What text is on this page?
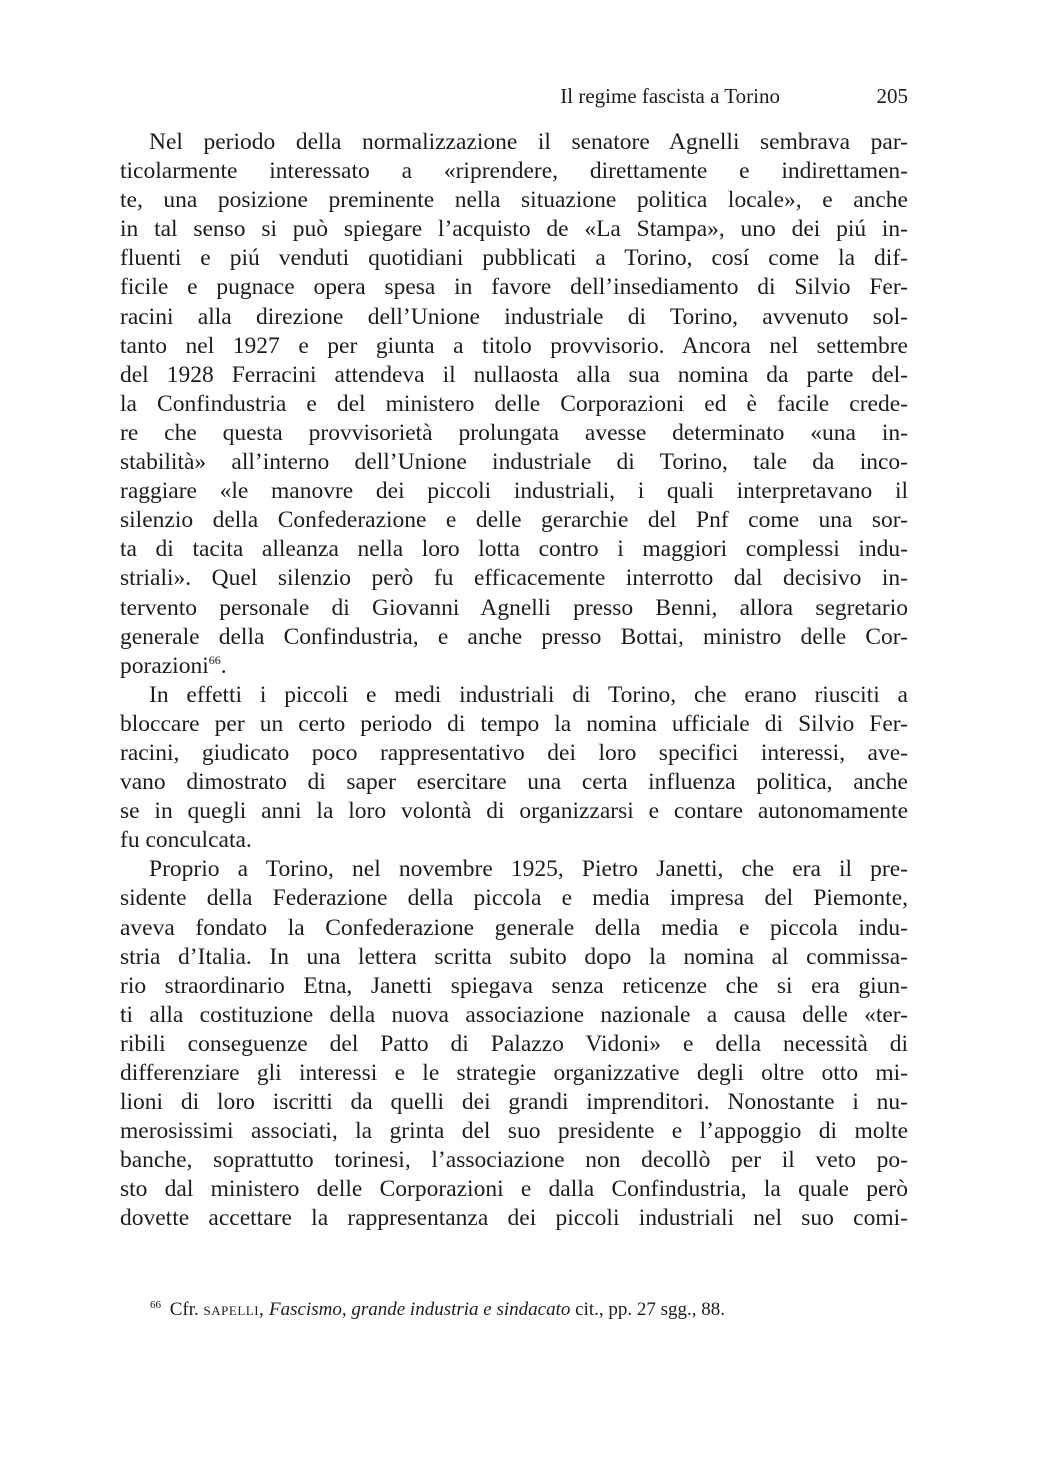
Il regime fascista a Torino	205
Nel periodo della normalizzazione il senatore Agnelli sembrava par-
ticolarmente interessato a «riprendere, direttamente e indirettamen-
te, una posizione preminente nella situazione politica locale», e anche
in tal senso si può spiegare l’acquisto de «La Stampa», uno dei piú in-
fluenti e piú venduti quotidiani pubblicati a Torino, cosí come la dif-
ficile e pugnace opera spesa in favore dell’insediamento di Silvio Fer-
racini alla direzione dell’Unione industriale di Torino, avvenuto sol-
tanto nel 1927 e per giunta a titolo provvisorio. Ancora nel settembre
del 1928 Ferracini attendeva il nullaosta alla sua nomina da parte del-
la Confindustria e del ministero delle Corporazioni ed è facile crede-
re che questa provvisorietà prolungata avesse determinato «una in-
stabilità» all’interno dell’Unione industriale di Torino, tale da inco-
raggiare «le manovre dei piccoli industriali, i quali interpretavano il
silenzio della Confederazione e delle gerarchie del Pnf come una sor-
ta di tacita alleanza nella loro lotta contro i maggiori complessi indu-
striali». Quel silenzio però fu efficacemente interrotto dal decisivo in-
tervento personale di Giovanni Agnelli presso Benni, allora segretario
generale della Confindustria, e anche presso Bottai, ministro delle Cor-
porazioni$^{66}$.
In effetti i piccoli e medi industriali di Torino, che erano riusciti a
bloccare per un certo periodo di tempo la nomina ufficiale di Silvio Fer-
racini, giudicato poco rappresentativo dei loro specifici interessi, ave-
vano dimostrato di saper esercitare una certa influenza politica, anche
se in quegli anni la loro volontà di organizzarsi e contare autonomamente
fu conculcata.
Proprio a Torino, nel novembre 1925, Pietro Janetti, che era il pre-
sidente della Federazione della piccola e media impresa del Piemonte,
aveva fondato la Confederazione generale della media e piccola indu-
stria d’Italia. In una lettera scritta subito dopo la nomina al commissa-
rio straordinario Etna, Janetti spiegava senza reticenze che si era giun-
ti alla costituzione della nuova associazione nazionale a causa delle «ter-
ribili conseguenze del Patto di Palazzo Vidoni» e della necessità di
differenziare gli interessi e le strategie organizzative degli oltre otto mi-
lioni di loro iscritti da quelli dei grandi imprenditori. Nonostante i nu-
merosissimi associati, la grinta del suo presidente e l’appoggio di molte
banche, soprattutto torinesi, l’associazione non decollò per il veto po-
sto dal ministero delle Corporazioni e dalla Confindustria, la quale però
dovette accettare la rappresentanza dei piccoli industriali nel suo comi-
$^{66}$ Cfr. sapelli, Fascismo, grande industria e sindacato cit., pp. 27 sgg., 88.
